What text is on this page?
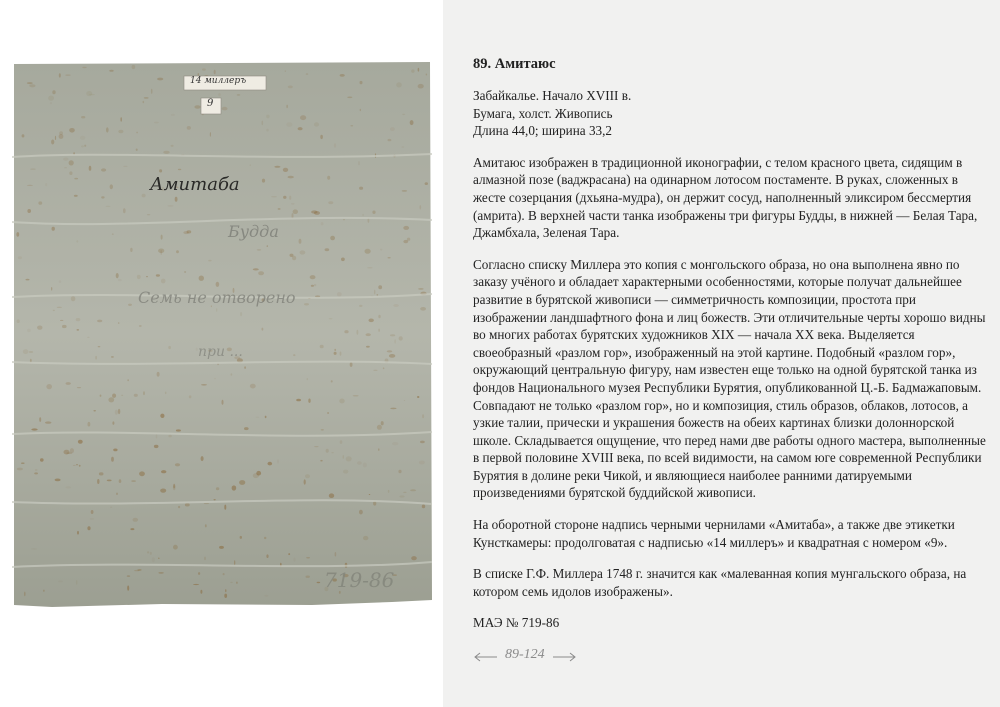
14 миллеръ
9
Амитаба
Будда
Семь не отворено
при ...
719-86
89. Амитаюс

Забайкалье. Начало XVIII в.

Бумага, холст. Живопись

Длина 44,0; ширина 33,2

Амитаюс изображен в традиционной иконографии, с телом красного цвета, сидящим в алмазной позе (ваджрасана) на одинарном лотосом постаменте. В руках, сложенных в жесте созерцания (дхьяна-мудра), он держит сосуд, наполненный эликсиром бессмертия (амрита). В верхней части танка изображены три фигуры Будды, в нижней — Белая Тара, Джамбхала, Зеленая Тара.

Согласно списку Миллера это копия с монгольского образа, но она выполнена явно по заказу учёного и обладает характерными особенностями, которые получат дальнейшее развитие в бурятской живописи — симметричность композиции, простота при изображении ландшафтного фона и лиц божеств. Эти отличительные черты хорошо видны во многих работах бурятских художников XIX — начала XX века. Выделяется своеобразный «разлом гор», изображенный на этой картине. Подобный «разлом гор», окружающий центральную фигуру, нам известен еще только на одной бурятской танка из фондов Национального музея Республики Бурятия, опубликованной Ц.-Б. Бадмажаповым. Совпадают не только «разлом гор», но и композиция, стиль образов, облаков, лотосов, а узкие талии, прически и украшения божеств на обеих картинах близки долоннорской школе. Складывается ощущение, что перед нами две работы одного мастера, выполненные в первой половине XVIII века, по всей видимости, на самом юге современной Республики Бурятия в долине реки Чикой, и являющиеся наиболее ранними датируемыми произведениями бурятской буддийской живописи.

На оборотной стороне надпись черными чернилами «Амитаба», а также две этикетки Кунсткамеры: продолговатая с надписью «14 миллеръ» и квадратная с номером «9».

В списке Г.Ф. Миллера 1748 г. значится как «малеванная копия мунгальского образа, на котором семь идолов изображены».

МАЭ № 719-86

89-124
